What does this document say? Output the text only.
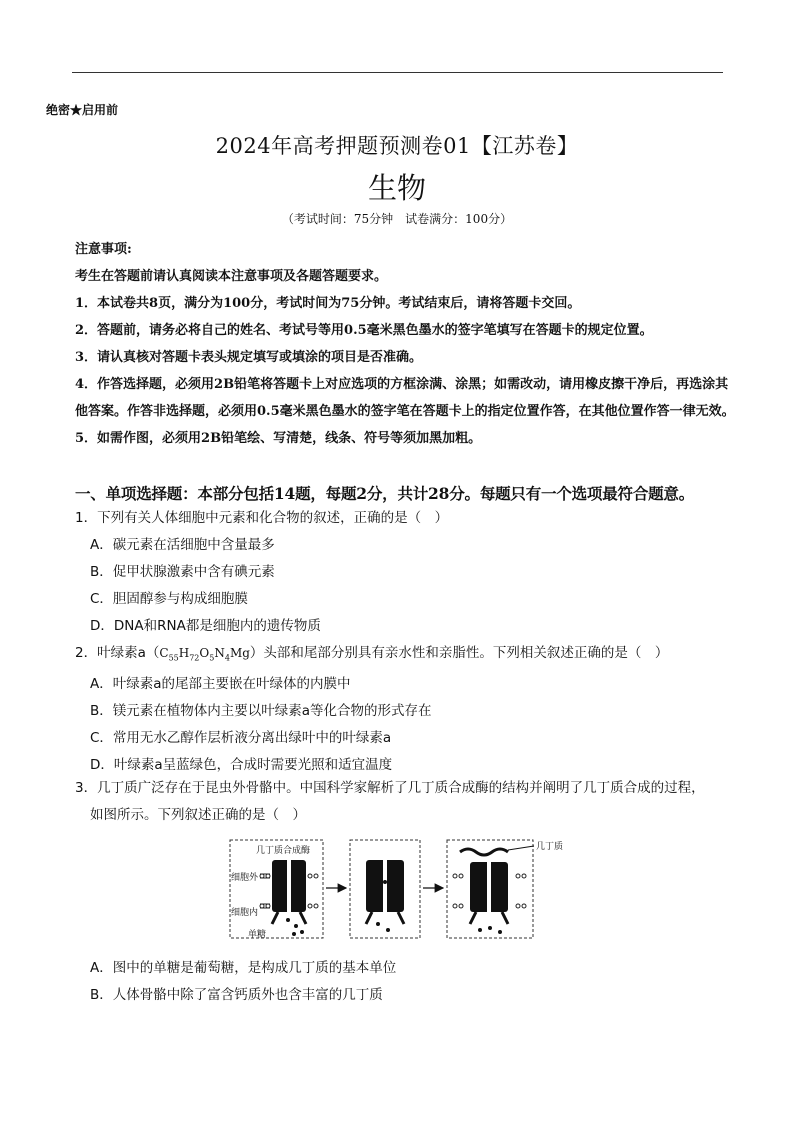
绝密★启用前
2024年高考押题预测卷01【江苏卷】
生物
（考试时间：75分钟　试卷满分：100分）

注意事项:

考生在答题前请认真阅读本注意事项及各题答题要求。

1．本试卷共8页，满分为100分，考试时间为75分钟。考试结束后，请将答题卡交回。

2．答题前，请务必将自己的姓名、考试号等用0.5毫米黑色墨水的签字笔填写在答题卡的规定位置。

3．请认真核对答题卡表头规定填写或填涂的项目是否准确。

4．作答选择题，必须用2B铅笔将答题卡上对应选项的方框涂满、涂黑；如需改动，请用橡皮擦干净后，再选涂其他答案。作答非选择题，必须用0.5毫米黑色墨水的签字笔在答题卡上的指定位置作答，在其他位置作答一律无效。

5．如需作图，必须用2B铅笔绘、写清楚，线条、符号等须加黑加粗。

一、单项选择题：本部分包括14题，每题2分，共计28分。每题只有一个选项最符合题意。

1．下列有关人体细胞中元素和化合物的叙述，正确的是（　）

A．碳元素在活细胞中含量最多

B．促甲状腺激素中含有碘元素

C．胆固醇参与构成细胞膜

D．DNA和RNA都是细胞内的遗传物质

2．叶绿素$a(C_{55}H_{72}O_5N_4Mg)$头部和尾部分别具有亲水性和亲脂性。下列相关叙述正确的是（　）

A．叶绿素a的尾部主要嵌在叶绿体的内膜中

B．镁元素在植物体内主要以叶绿素a等化合物的形式存在

C．常用无水乙醇作层析液分离出绿叶中的叶绿素a

D．叶绿素a呈蓝绿色，合成时需要光照和适宜温度

3．几丁质广泛存在于昆虫外骨骼中。中国科学家解析了几丁质合成酶的结构并阐明了几丁质合成的过程，

如图所示。下列叙述正确的是（　）

几丁质合成酶
细胞外
细胞内
单糖
几丁质

A．图中的单糖是葡萄糖，是构成几丁质的基本单位

B．人体骨骼中除了富含钙质外也含丰富的几丁质
